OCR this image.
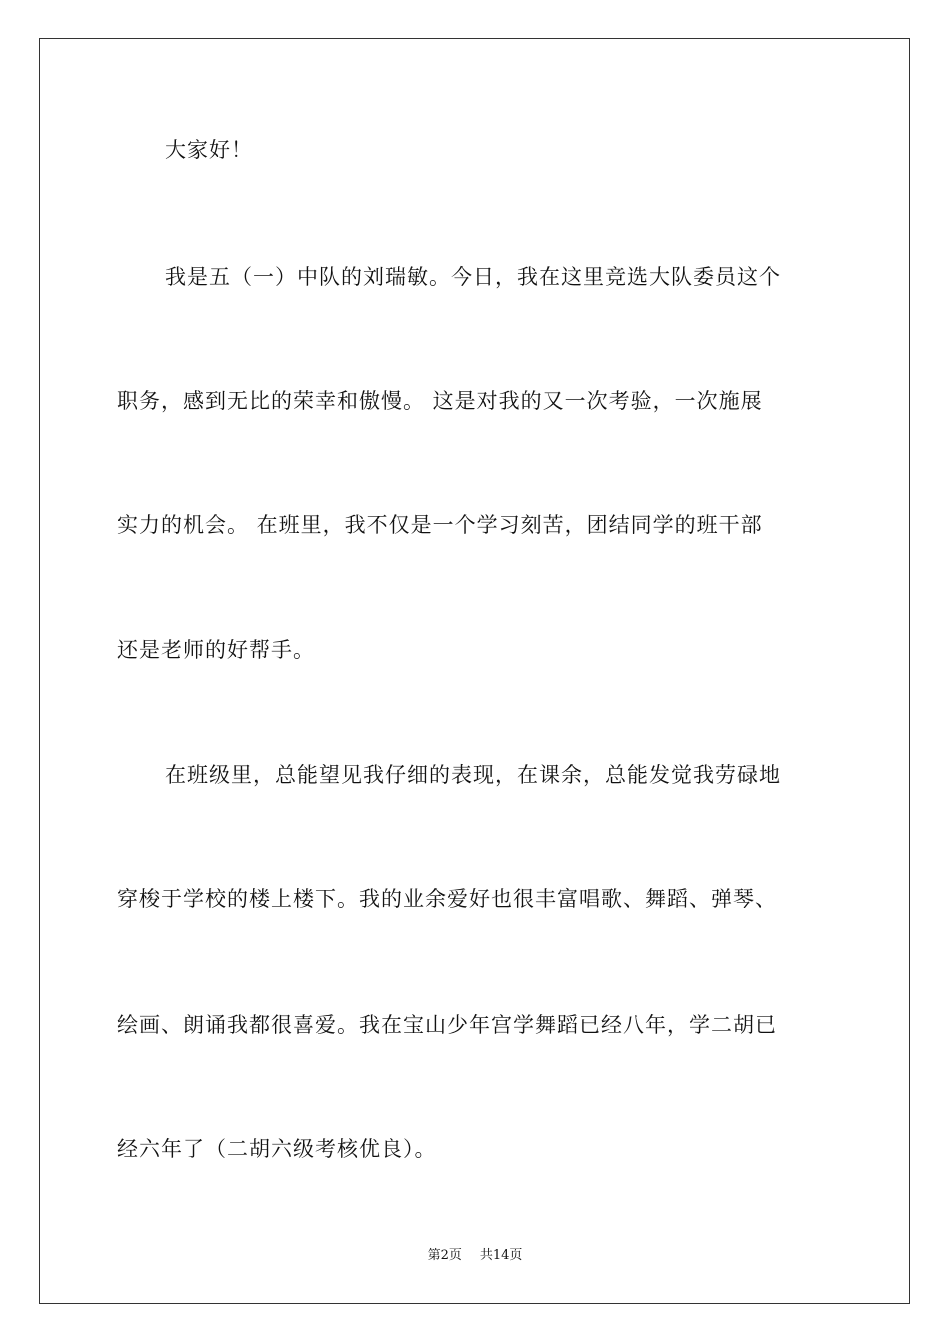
大家好！
我是五（一）中队的刘瑞敏。今日，我在这里竞选大队委员这个
职务，感到无比的荣幸和傲慢。 这是对我的又一次考验，一次施展
实力的机会。 在班里，我不仅是一个学习刻苦，团结同学的班干部
还是老师的好帮手。
在班级里，总能望见我仔细的表现，在课余，总能发觉我劳碌地
穿梭于学校的楼上楼下。我的业余爱好也很丰富唱歌、舞蹈、弹琴、
绘画、朗诵我都很喜爱。我在宝山少年宫学舞蹈已经八年，学二胡已
经六年了（二胡六级考核优良）。
第2页 共14页
